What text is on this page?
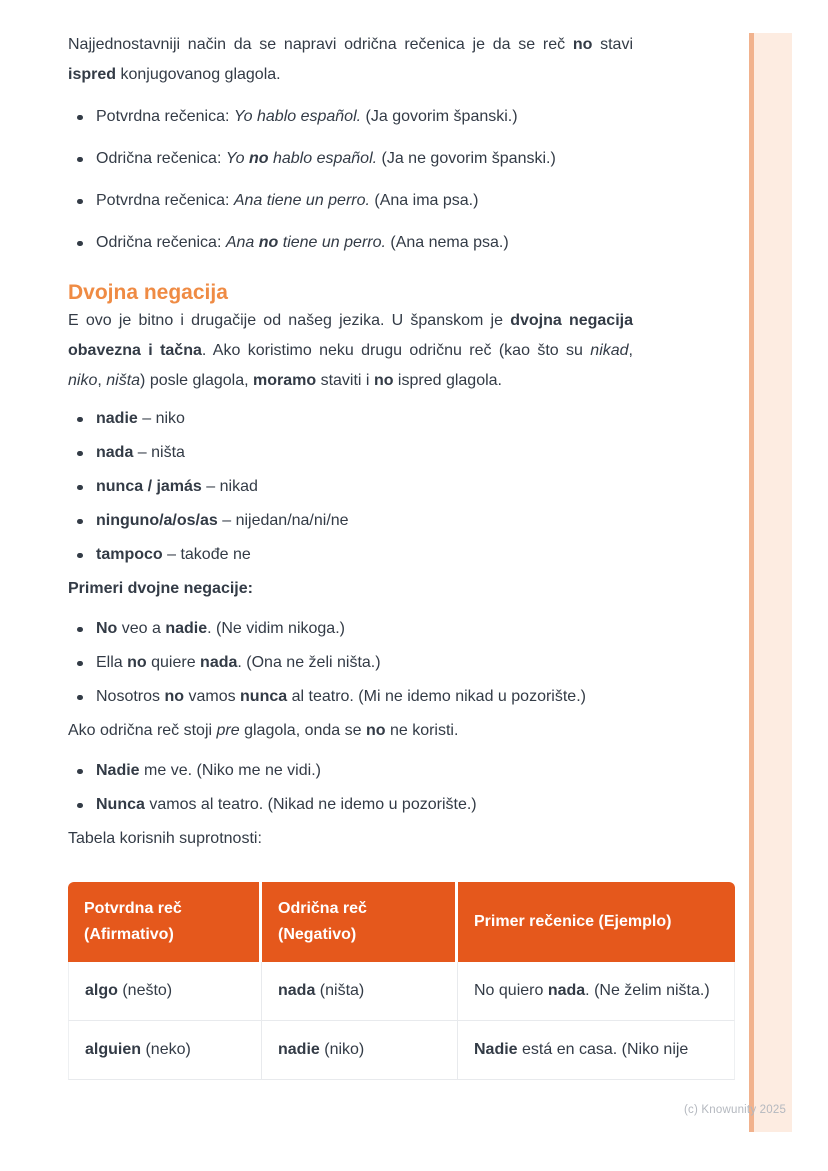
Najjednostavniji način da se napravi odrična rečenica je da se reč no stavi ispred konjugovanog glagola.

Potvrdna rečenica: Yo hablo español. (Ja govorim španski.)
Odrična rečenica: Yo no hablo español. (Ja ne govorim španski.)
Potvrdna rečenica: Ana tiene un perro. (Ana ima psa.)
Odrična rečenica: Ana no tiene un perro. (Ana nema psa.)
Dvojna negacija

E ovo je bitno i drugačije od našeg jezika. U španskom je dvojna negacija obavezna i tačna. Ako koristimo neku drugu odričnu reč (kao što su nikad, niko, ništa) posle glagola, moramo staviti i no ispred glagola.

nadie – niko
nada – ništa
nunca / jamás – nikad
ninguno/a/os/as – nijedan/na/ni/ne
tampoco – takođe ne

Primeri dvojne negacije:

No veo a nadie. (Ne vidim nikoga.)
Ella no quiere nada. (Ona ne želi ništa.)
Nosotros no vamos nunca al teatro. (Mi ne idemo nikad u pozorište.)

Ako odrična reč stoji pre glagola, onda se no ne koristi.

Nadie me ve. (Niko me ne vidi.)
Nunca vamos al teatro. (Nikad ne idemo u pozorište.)

Tabela korisnih suprotnosti:

Potvrdna reč (Afirmativo)	Odrična reč (Negativo)	Primer rečenice (Ejemplo)
algo (nešto)	nada (ništa)	No quiero nada. (Ne želim ništa.)
alguien (neko)	nadie (niko)	Nadie está en casa. (Niko nije
(c) Knowunity 2025
